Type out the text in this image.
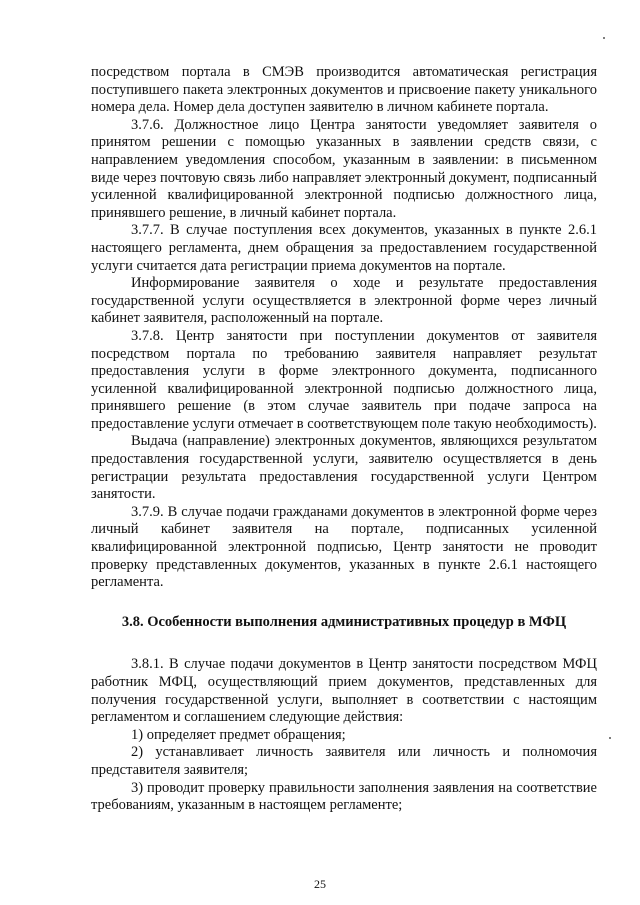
посредством портала в СМЭВ производится автоматическая регистрация поступившего пакета электронных документов и присвоение пакету уникального номера дела. Номер дела доступен заявителю в личном кабинете портала.

3.7.6. Должностное лицо Центра занятости уведомляет заявителя о принятом решении с помощью указанных в заявлении средств связи, с направлением уведомления способом, указанным в заявлении: в письменном виде через почтовую связь либо направляет электронный документ, подписанный усиленной квалифицированной электронной подписью должностного лица, принявшего решение, в личный кабинет портала.

3.7.7. В случае поступления всех документов, указанных в пункте 2.6.1 настоящего регламента, днем обращения за предоставлением государственной услуги считается дата регистрации приема документов на портале.

Информирование заявителя о ходе и результате предоставления государственной услуги осуществляется в электронной форме через личный кабинет заявителя, расположенный на портале.

3.7.8. Центр занятости при поступлении документов от заявителя посредством портала по требованию заявителя направляет результат предоставления услуги в форме электронного документа, подписанного усиленной квалифицированной электронной подписью должностного лица, принявшего решение (в этом случае заявитель при подаче запроса на предоставление услуги отмечает в соответствующем поле такую необходимость).

Выдача (направление) электронных документов, являющихся результатом предоставления государственной услуги, заявителю осуществляется в день регистрации результата предоставления государственной услуги Центром занятости.

3.7.9. В случае подачи гражданами документов в электронной форме через личный кабинет заявителя на портале, подписанных усиленной квалифицированной электронной подписью, Центр занятости не проводит проверку представленных документов, указанных в пункте 2.6.1 настоящего регламента.

3.8. Особенности выполнения административных процедур в МФЦ

3.8.1. В случае подачи документов в Центр занятости посредством МФЦ работник МФЦ, осуществляющий прием документов, представленных для получения государственной услуги, выполняет в соответствии с настоящим регламентом и соглашением следующие действия:

1) определяет предмет обращения;

2) устанавливает личность заявителя или личность и полномочия представителя заявителя;

3) проводит проверку правильности заполнения заявления на соответствие требованиям, указанным в настоящем регламенте;

25
